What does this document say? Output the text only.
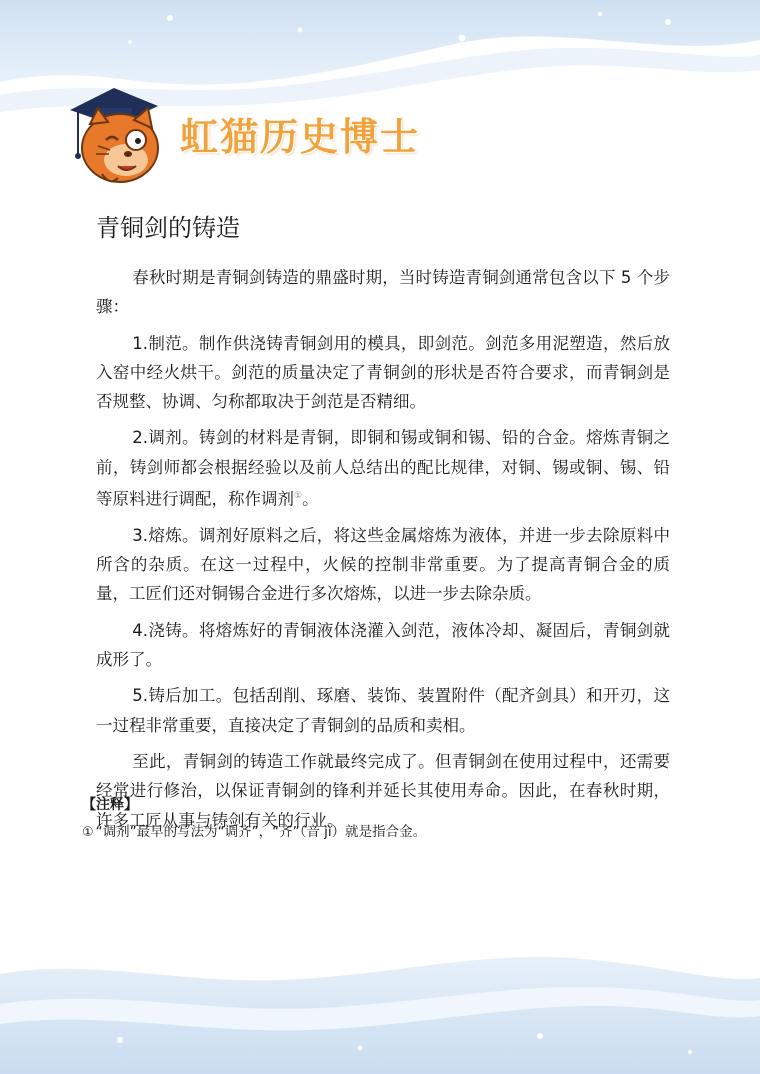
虹猫历史博士
青铜剑的铸造

春秋时期是青铜剑铸造的鼎盛时期，当时铸造青铜剑通常包含以下 5 个步骤：

1.制范。制作供浇铸青铜剑用的模具，即剑范。剑范多用泥塑造，然后放入窑中经火烘干。剑范的质量决定了青铜剑的形状是否符合要求，而青铜剑是否规整、协调、匀称都取决于剑范是否精细。

2.调剂。铸剑的材料是青铜，即铜和锡或铜和锡、铅的合金。熔炼青铜之前，铸剑师都会根据经验以及前人总结出的配比规律，对铜、锡或铜、锡、铅等原料进行调配，称作调剂①。

3.熔炼。调剂好原料之后，将这些金属熔炼为液体，并进一步去除原料中所含的杂质。在这一过程中，火候的控制非常重要。为了提高青铜合金的质量，工匠们还对铜锡合金进行多次熔炼，以进一步去除杂质。

4.浇铸。将熔炼好的青铜液体浇灌入剑范，液体冷却、凝固后，青铜剑就成形了。

5.铸后加工。包括刮削、琢磨、装饰、装置附件（配齐剑具）和开刃，这一过程非常重要，直接决定了青铜剑的品质和卖相。

至此，青铜剑的铸造工作就最终完成了。但青铜剑在使用过程中，还需要经常进行修治，以保证青铜剑的锋利并延长其使用寿命。因此，在春秋时期，许多工匠从事与铸剑有关的行业。

【注释】
① “调剂”最早的写法为“调齐”，“齐”（音 jì）就是指合金。
